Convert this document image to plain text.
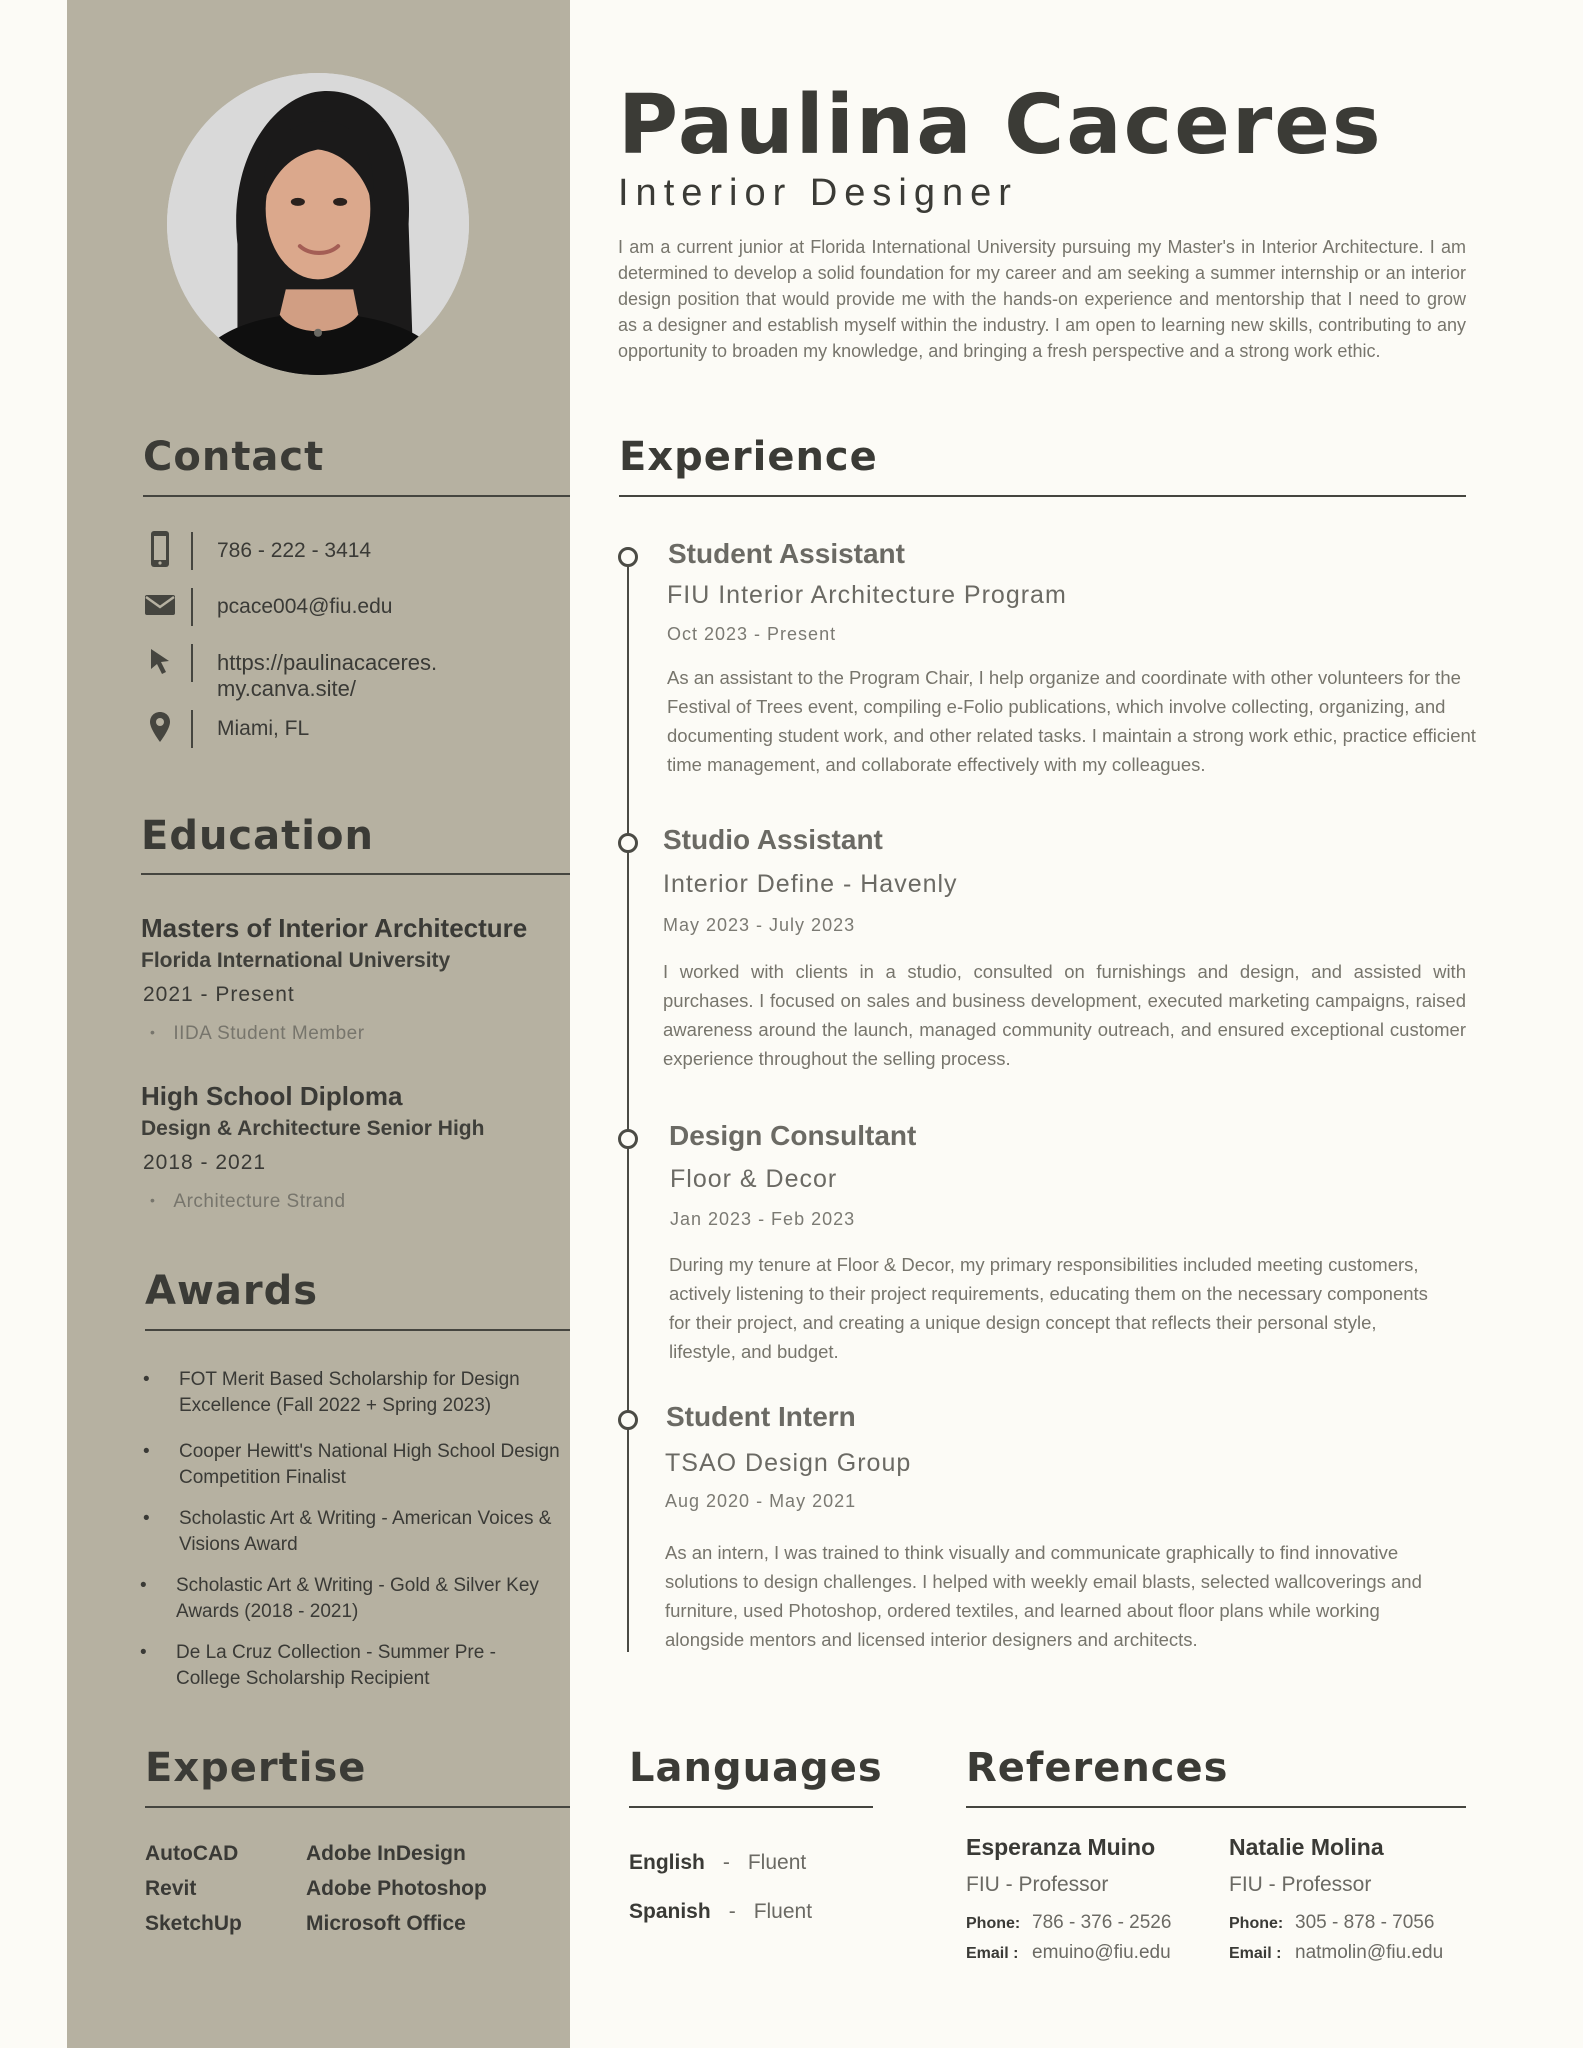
Contact
786 - 222 - 3414
pcace004@fiu.edu
https://paulinacaceres.
my.canva.site/
Miami, FL
Education
Masters of Interior Architecture
Florida International University
2021 - Present
• IIDA Student Member
High School Diploma
Design & Architecture Senior High
2018 - 2021
• Architecture Strand
Awards
• FOT Merit Based Scholarship for Design Excellence (Fall 2022 + Spring 2023)
• Cooper Hewitt's National High School Design Competition Finalist
• Scholastic Art & Writing - American Voices & Visions Award
• Scholastic Art & Writing - Gold & Silver Key Awards (2018 - 2021)
• De La Cruz Collection - Summer Pre - College Scholarship Recipient
Expertise
AutoCAD
Revit
SketchUp
Adobe InDesign
Adobe Photoshop
Microsoft Office
Paulina Caceres
Interior Designer

I am a current junior at Florida International University pursuing my Master's in Interior Architecture. I am determined to develop a solid foundation for my career and am seeking a summer internship or an interior design position that would provide me with the hands-on experience and mentorship that I need to grow as a designer and establish myself within the industry. I am open to learning new skills, contributing to any opportunity to broaden my knowledge, and bringing a fresh perspective and a strong work ethic.

Experience
Student Assistant
FIU Interior Architecture Program
Oct 2023 - Present

As an assistant to the Program Chair, I help organize and coordinate with other volunteers for the Festival of Trees event, compiling e-Folio publications, which involve collecting, organizing, and documenting student work, and other related tasks. I maintain a strong work ethic, practice efficient time management, and collaborate effectively with my colleagues.

Studio Assistant
Interior Define - Havenly
May 2023 - July 2023

I worked with clients in a studio, consulted on furnishings and design, and assisted with purchases. I focused on sales and business development, executed marketing campaigns, raised awareness around the launch, managed community outreach, and ensured exceptional customer experience throughout the selling process.

Design Consultant
Floor & Decor
Jan 2023 - Feb 2023

During my tenure at Floor & Decor, my primary responsibilities included meeting customers, actively listening to their project requirements, educating them on the necessary components for their project, and creating a unique design concept that reflects their personal style, lifestyle, and budget.

Student Intern
TSAO Design Group
Aug 2020 - May 2021

As an intern, I was trained to think visually and communicate graphically to find innovative solutions to design challenges. I helped with weekly email blasts, selected wallcoverings and furniture, used Photoshop, ordered textiles, and learned about floor plans while working alongside mentors and licensed interior designers and architects.

Languages
English - Fluent
Spanish - Fluent
References
Esperanza Muino
FIU - Professor
Phone: 786 - 376 - 2526
Email : emuino@fiu.edu
Natalie Molina
FIU - Professor
Phone: 305 - 878 - 7056
Email : natmolin@fiu.edu
